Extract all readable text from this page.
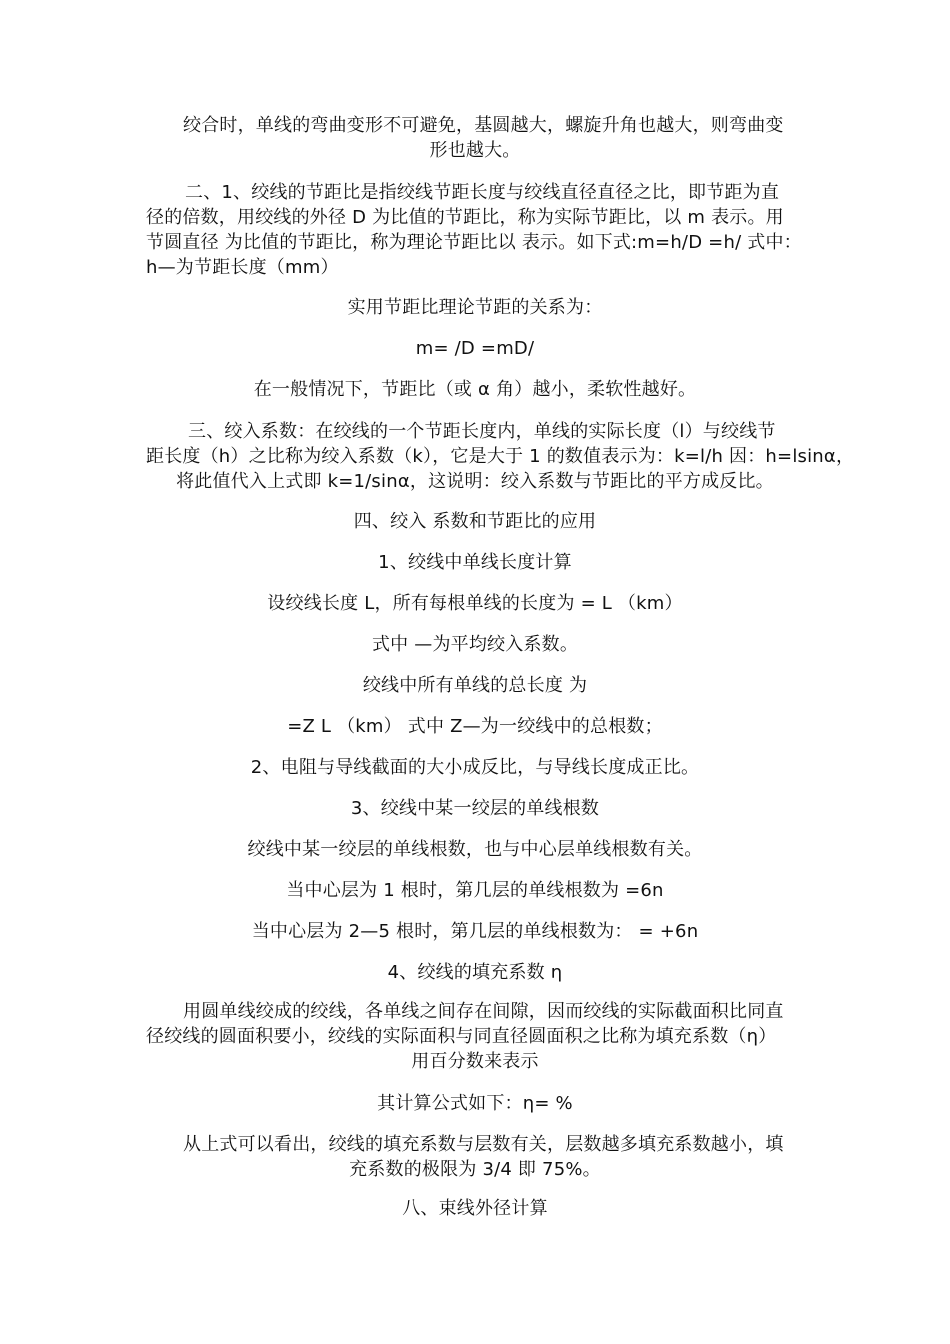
绞合时，单线的弯曲变形不可避免，基圆越大，螺旋升角也越大，则弯曲变
形也越大。
二、1、绞线的节距比是指绞线节距长度与绞线直径直径之比，即节距为直
径的倍数，用绞线的外径 D 为比值的节距比，称为实际节距比，以 m 表示。用
节圆直径 为比值的节距比，称为理论节距比以 表示。如下式:m=h/D =h/ 式中：
h—为节距长度（mm）
实用节距比理论节距的关系为：
m= /D =mD/
在一般情况下，节距比（或 α 角）越小，柔软性越好。
三、绞入系数：在绞线的一个节距长度内，单线的实际长度（l）与绞线节
距长度（h）之比称为绞入系数（k），它是大于 1 的数值表示为：k=l/h 因：h=lsinα，
将此值代入上式即 k=1/sinα，这说明：绞入系数与节距比的平方成反比。
四、绞入 系数和节距比的应用
1、绞线中单线长度计算
设绞线长度 L，所有每根单线的长度为 = L （km）
式中 —为平均绞入系数。
绞线中所有单线的总长度 为
=Z L （km） 式中 Z—为一绞线中的总根数；
2、电阻与导线截面的大小成反比，与导线长度成正比。
3、绞线中某一绞层的单线根数
绞线中某一绞层的单线根数，也与中心层单线根数有关。
当中心层为 1 根时，第几层的单线根数为 =6n
当中心层为 2—5 根时，第几层的单线根数为： = +6n
4、绞线的填充系数 η
用圆单线绞成的绞线，各单线之间存在间隙，因而绞线的实际截面积比同直
径绞线的圆面积要小，绞线的实际面积与同直径圆面积之比称为填充系数（η）
用百分数来表示
其计算公式如下：η= %
从上式可以看出，绞线的填充系数与层数有关，层数越多填充系数越小，填
充系数的极限为 3/4 即 75%。
八、束线外径计算
